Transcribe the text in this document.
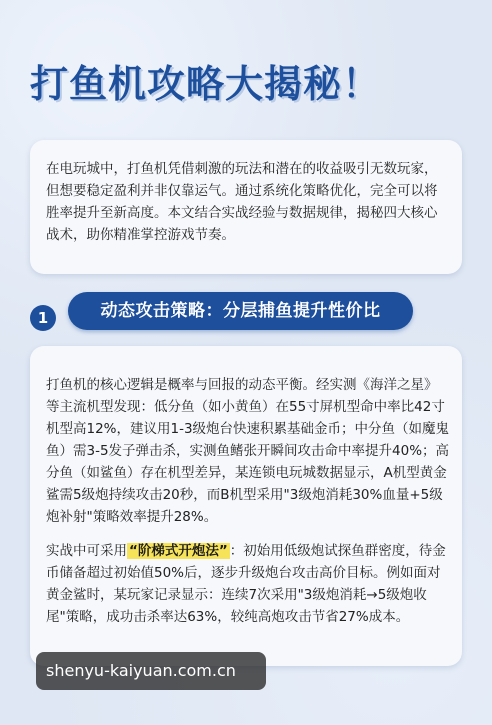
打鱼机攻略大揭秘！

在电玩城中，打鱼机凭借刺激的玩法和潜在的收益吸引无数玩家，但想要稳定盈利并非仅靠运气。通过系统化策略优化，完全可以将胜率提升至新高度。本文结合实战经验与数据规律，揭秘四大核心战术，助你精准掌控游戏节奏。

1	动态攻击策略：分层捕鱼提升性价比

打鱼机的核心逻辑是概率与回报的动态平衡。经实测《海洋之星》等主流机型发现：低分鱼（如小黄鱼）在55寸屏机型命中率比42寸机型高12%，建议用1-3级炮台快速积累基础金币；中分鱼（如魔鬼鱼）需3-5发子弹击杀，实测鱼鳍张开瞬间攻击命中率提升40%；高分鱼（如鲨鱼）存在机型差异，某连锁电玩城数据显示，A机型黄金鲨需5级炮持续攻击20秒，而B机型采用"3级炮消耗30%血量+5级炮补射"策略效率提升28%。

实战中可采用 “阶梯式开炮法” ：初始用低级炮试探鱼群密度，待金币储备超过初始值50%后，逐步升级炮台攻击高价目标。例如面对黄金鲨时，某玩家记录显示：连续7次采用"3级炮消耗→5级炮收尾"策略，成功击杀率达63%，较纯高炮攻击节省27%成本。

shenyu-kaiyuan.com.cn
